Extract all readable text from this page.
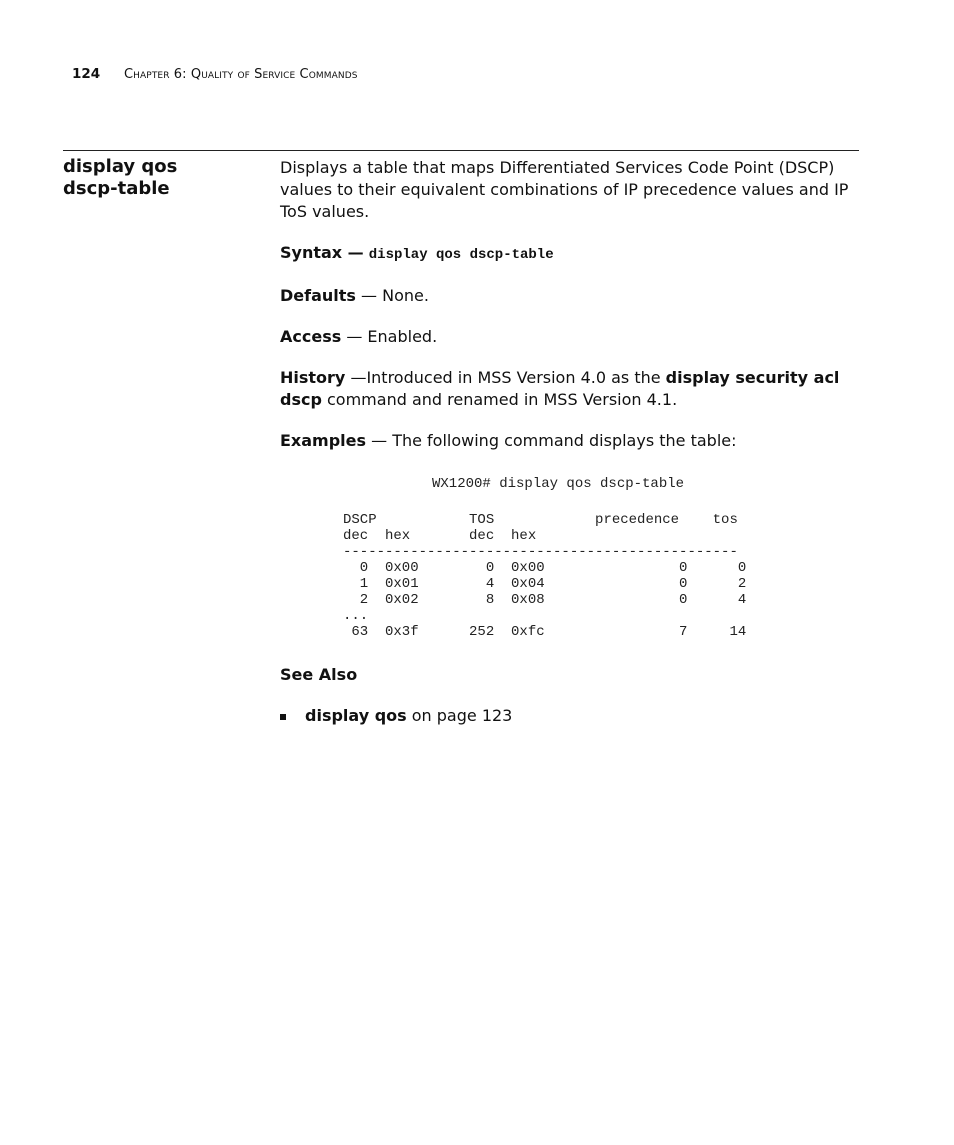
124	Chapter 6: Quality of Service Commands
display qos
dscp-table

Displays a table that maps Differentiated Services Code Point (DSCP) values to their equivalent combinations of IP precedence values and IP ToS values.

Syntax — display qos dscp-table

Defaults — None.

Access — Enabled.

History —Introduced in MSS Version 4.0 as the display security acl dscp command and renamed in MSS Version 4.1.

Examples — The following command displays the table:

WX1200# display qos dscp-table
DSCP           TOS            precedence    tos
dec  hex       dec  hex
-----------------------------------------------
0  0x00        0  0x00                0      0
1  0x01        4  0x04                0      2
2  0x02        8  0x08                0      4
...
63  0x3f      252  0xfc                7     14
See Also
display qos on page 123
